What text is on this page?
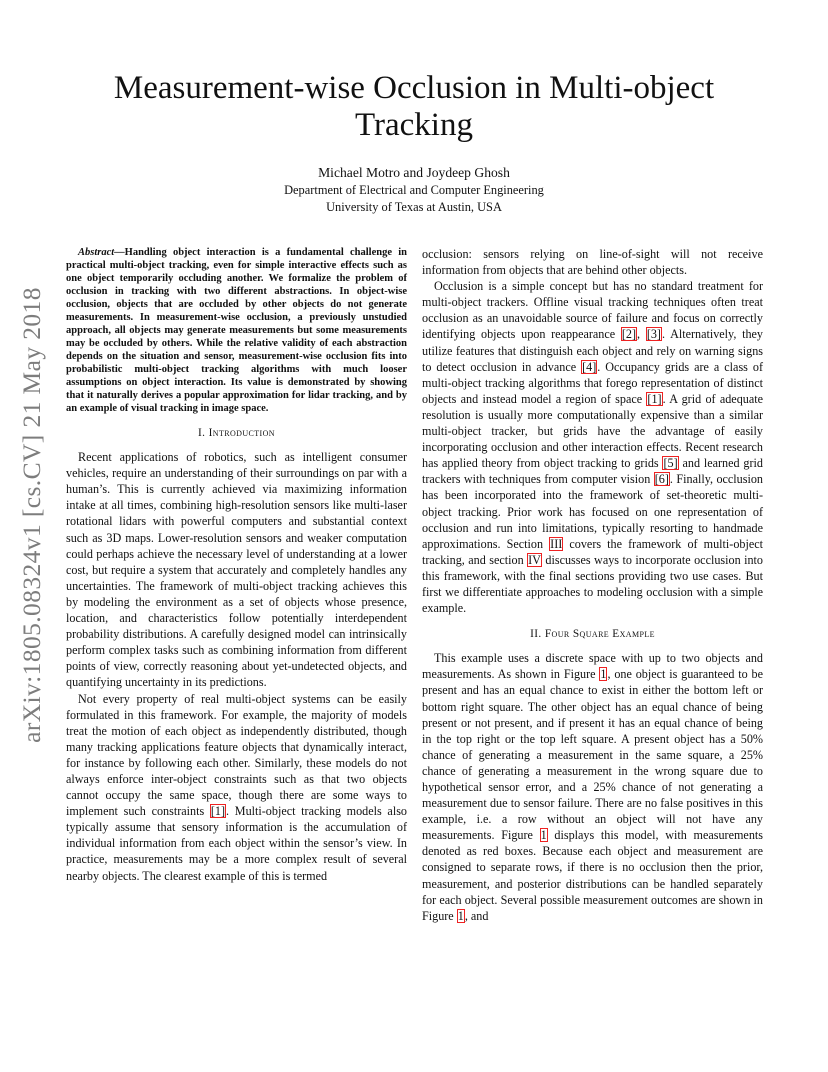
arXiv:1805.08324v1 [cs.CV] 21 May 2018
Measurement-wise Occlusion in Multi-object Tracking
Michael Motro and Joydeep Ghosh
Department of Electrical and Computer Engineering
University of Texas at Austin, USA

Abstract—Handling object interaction is a fundamental challenge in practical multi-object tracking, even for simple interactive effects such as one object temporarily occluding another. We formalize the problem of occlusion in tracking with two different abstractions. In object-wise occlusion, objects that are occluded by other objects do not generate measurements. In measurement-wise occlusion, a previously unstudied approach, all objects may generate measurements but some measurements may be occluded by others. While the relative validity of each abstraction depends on the situation and sensor, measurement-wise occlusion fits into probabilistic multi-object tracking algorithms with much looser assumptions on object interaction. Its value is demonstrated by showing that it naturally derives a popular approximation for lidar tracking, and by an example of visual tracking in image space.

I. Introduction

Recent applications of robotics, such as intelligent consumer vehicles, require an understanding of their surroundings on par with a human’s. This is currently achieved via maximizing information intake at all times, combining high-resolution sensors like multi-laser rotational lidars with powerful computers and substantial context such as 3D maps. Lower-resolution sensors and weaker computation could perhaps achieve the necessary level of understanding at a lower cost, but require a system that accurately and completely handles any uncertainties. The framework of multi-object tracking achieves this by modeling the environment as a set of objects whose presence, location, and characteristics follow potentially interdependent probability distributions. A carefully designed model can intrinsically perform complex tasks such as combining information from different points of view, correctly reasoning about yet-undetected objects, and quantifying uncertainty in its predictions.

Not every property of real multi-object systems can be easily formulated in this framework. For example, the majority of models treat the motion of each object as independently distributed, though many tracking applications feature objects that dynamically interact, for instance by following each other. Similarly, these models do not always enforce inter-object constraints such as that two objects cannot occupy the same space, though there are some ways to implement such constraints [1]. Multi-object tracking models also typically assume that sensory information is the accumulation of individual information from each object within the sensor’s view. In practice, measurements may be a more complex result of several nearby objects. The clearest example of this is termed

occlusion: sensors relying on line-of-sight will not receive information from objects that are behind other objects.

Occlusion is a simple concept but has no standard treatment for multi-object trackers. Offline visual tracking techniques often treat occlusion as an unavoidable source of failure and focus on correctly identifying objects upon reappearance [2], [3]. Alternatively, they utilize features that distinguish each object and rely on warning signs to detect occlusion in advance [4]. Occupancy grids are a class of multi-object tracking algorithms that forego representation of distinct objects and instead model a region of space [1]. A grid of adequate resolution is usually more computationally expensive than a similar multi-object tracker, but grids have the advantage of easily incorporating occlusion and other interaction effects. Recent research has applied theory from object tracking to grids [5] and learned grid trackers with techniques from computer vision [6]. Finally, occlusion has been incorporated into the framework of set-theoretic multi-object tracking. Prior work has focused on one representation of occlusion and run into limitations, typically resorting to handmade approximations. Section III covers the framework of multi-object tracking, and section IV discusses ways to incorporate occlusion into this framework, with the final sections providing two use cases. But first we differentiate approaches to modeling occlusion with a simple example.

II. Four Square Example

This example uses a discrete space with up to two objects and measurements. As shown in Figure 1, one object is guaranteed to be present and has an equal chance to exist in either the bottom left or bottom right square. The other object has an equal chance of being present or not present, and if present it has an equal chance of being in the top right or the top left square. A present object has a 50% chance of generating a measurement in the same square, a 25% chance of generating a measurement in the wrong square due to hypothetical sensor error, and a 25% chance of not generating a measurement due to sensor failure. There are no false positives in this example, i.e. a row without an object will not have any measurements. Figure 1 displays this model, with measurements denoted as red boxes. Because each object and measurement are consigned to separate rows, if there is no occlusion then the prior, measurement, and posterior distributions can be handled separately for each object. Several possible measurement outcomes are shown in Figure 1, and
